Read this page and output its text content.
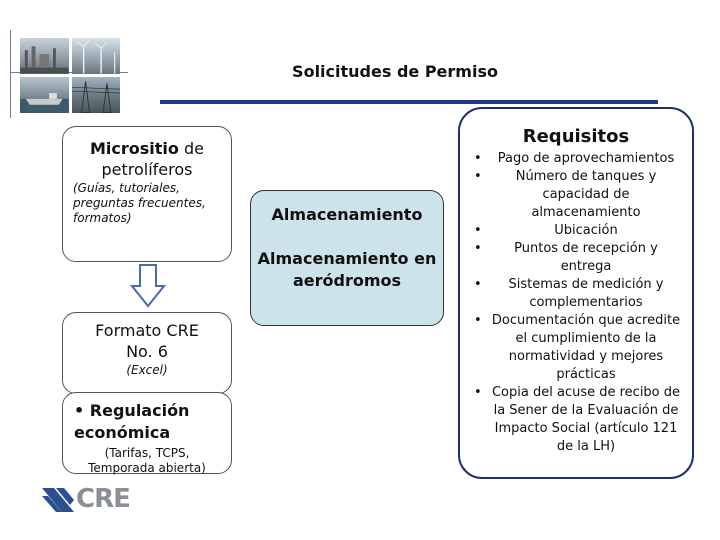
Solicitudes de Permiso
Micrositio de petrolíferos
(Guías, tutoriales, preguntas frecuentes, formatos)
Formato CRE
No. 6
(Excel)
• Regulación económica
(Tarifas, TCPS,
Temporada abierta)
Almacenamiento
Almacenamiento en aeródromos
Requisitos
• Pago de aprovechamientos
• Número de tanques y capacidad de almacenamiento
• Ubicación
• Puntos de recepción y entrega
• Sistemas de medición y complementarios
• Documentación que acredite el cumplimiento de la normatividad y mejores prácticas
• Copia del acuse de recibo de la Sener de la Evaluación de Impacto Social (artículo 121 de la LH)
CRE
